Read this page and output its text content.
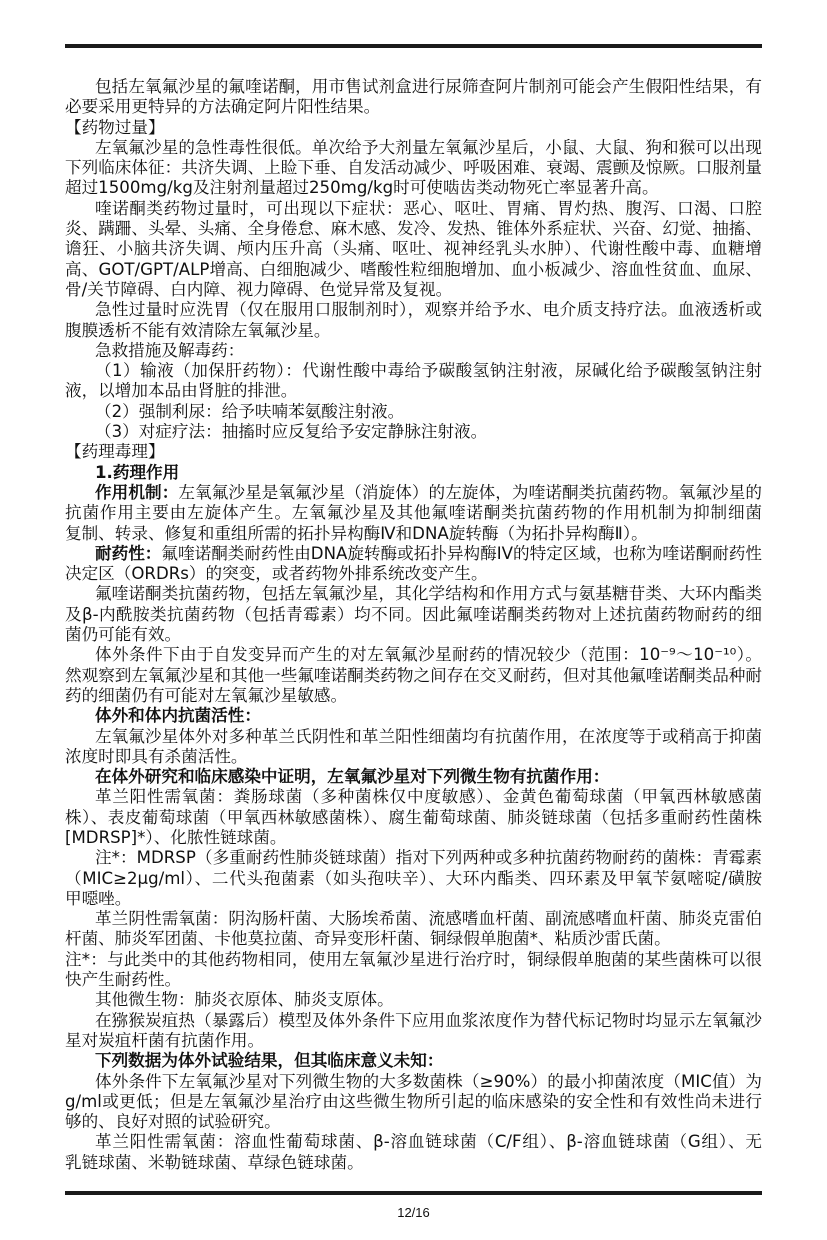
包括左氧氟沙星的氟喹诺酮，用市售试剂盒进行尿筛查阿片制剂可能会产生假阳性结果，有
必要采用更特异的方法确定阿片阳性结果。
【药物过量】
左氧氟沙星的急性毒性很低。单次给予大剂量左氧氟沙星后，小鼠、大鼠、狗和猴可以出现
下列临床体征：共济失调、上睑下垂、自发活动减少、呼吸困难、衰竭、震颤及惊厥。口服剂量
超过1500mg/kg及注射剂量超过250mg/kg时可使啮齿类动物死亡率显著升高。
喹诺酮类药物过量时，可出现以下症状：恶心、呕吐、胃痛、胃灼热、腹泻、口渴、口腔
炎、蹒跚、头晕、头痛、全身倦怠、麻木感、发冷、发热、锥体外系症状、兴奋、幻觉、抽搐、
谵狂、小脑共济失调、颅内压升高（头痛、呕吐、视神经乳头水肿）、代谢性酸中毒、血糖增
高、GOT/GPT/ALP增高、白细胞减少、嗜酸性粒细胞增加、血小板减少、溶血性贫血、血尿、
骨/关节障碍、白内障、视力障碍、色觉异常及复视。
急性过量时应洗胃（仅在服用口服制剂时），观察并给予水、电介质支持疗法。血液透析或
腹膜透析不能有效清除左氧氟沙星。
急救措施及解毒药：
（1）输液（加保肝药物）：代谢性酸中毒给予碳酸氢钠注射液，尿碱化给予碳酸氢钠注射
液，以增加本品由肾脏的排泄。
（2）强制利尿：给予呋喃苯氨酸注射液。
（3）对症疗法：抽搐时应反复给予安定静脉注射液。
【药理毒理】
1.药理作用
作用机制：左氧氟沙星是氧氟沙星（消旋体）的左旋体，为喹诺酮类抗菌药物。氧氟沙星的
抗菌作用主要由左旋体产生。左氧氟沙星及其他氟喹诺酮类抗菌药物的作用机制为抑制细菌
复制、转录、修复和重组所需的拓扑异构酶Ⅳ和DNA旋转酶（为拓扑异构酶Ⅱ）。
耐药性：氟喹诺酮类耐药性由DNA旋转酶或拓扑异构酶IV的特定区域，也称为喹诺酮耐药性
决定区（ORDRs）的突变，或者药物外排系统改变产生。
氟喹诺酮类抗菌药物，包括左氧氟沙星，其化学结构和作用方式与氨基糖苷类、大环内酯类
及β-内酰胺类抗菌药物（包括青霉素）均不同。因此氟喹诺酮类药物对上述抗菌药物耐药的细
菌仍可能有效。
体外条件下由于自发变异而产生的对左氧氟沙星耐药的情况较少（范围：10⁻⁹～10⁻¹⁰）。
然观察到左氧氟沙星和其他一些氟喹诺酮类药物之间存在交叉耐药，但对其他氟喹诺酮类品种耐
药的细菌仍有可能对左氧氟沙星敏感。
体外和体内抗菌活性：
左氧氟沙星体外对多种革兰氏阴性和革兰阳性细菌均有抗菌作用，在浓度等于或稍高于抑菌
浓度时即具有杀菌活性。
在体外研究和临床感染中证明，左氧氟沙星对下列微生物有抗菌作用：
革兰阳性需氧菌：粪肠球菌（多种菌株仅中度敏感）、金黄色葡萄球菌（甲氧西林敏感菌
株）、表皮葡萄球菌（甲氧西林敏感菌株）、腐生葡萄球菌、肺炎链球菌（包括多重耐药性菌株
[MDRSP]*）、化脓性链球菌。
注*：MDRSP（多重耐药性肺炎链球菌）指对下列两种或多种抗菌药物耐药的菌株：青霉素
（MIC≥2μg/ml）、二代头孢菌素（如头孢呋辛）、大环内酯类、四环素及甲氧苄氨嘧啶/磺胺
甲噁唑。
革兰阴性需氧菌：阴沟肠杆菌、大肠埃希菌、流感嗜血杆菌、副流感嗜血杆菌、肺炎克雷伯
杆菌、肺炎军团菌、卡他莫拉菌、奇异变形杆菌、铜绿假单胞菌*、粘质沙雷氏菌。
注*：与此类中的其他药物相同，使用左氧氟沙星进行治疗时，铜绿假单胞菌的某些菌株可以很
快产生耐药性。
其他微生物：肺炎衣原体、肺炎支原体。
在猕猴炭疽热（暴露后）模型及体外条件下应用血浆浓度作为替代标记物时均显示左氧氟沙
星对炭疽杆菌有抗菌作用。
下列数据为体外试验结果，但其临床意义未知：
体外条件下左氧氟沙星对下列微生物的大多数菌株（≥90%）的最小抑菌浓度（MIC值）为
g/ml或更低；但是左氧氟沙星治疗由这些微生物所引起的临床感染的安全性和有效性尚未进行
够的、良好对照的试验研究。
革兰阳性需氧菌：溶血性葡萄球菌、β-溶血链球菌（C/F组）、β-溶血链球菌（G组）、无
乳链球菌、米勒链球菌、草绿色链球菌。
12/16
